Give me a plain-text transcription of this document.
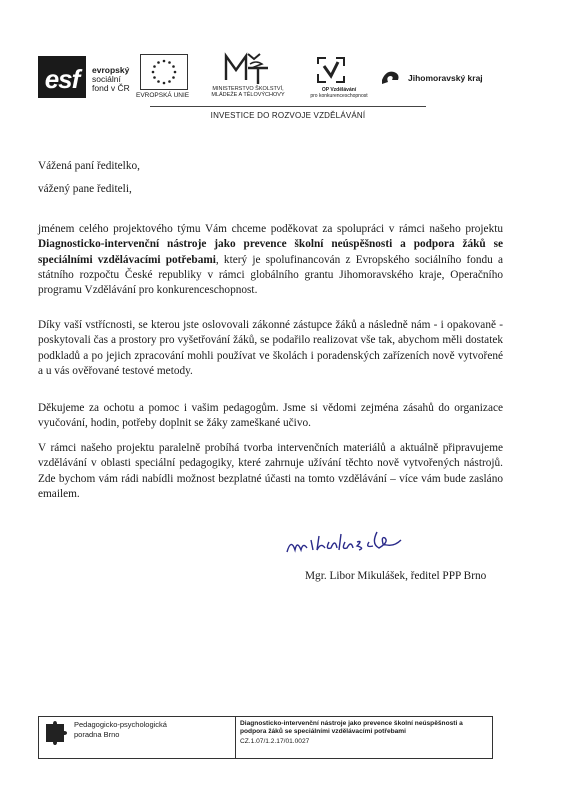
esf	evropský
sociální
fond v ČR
EVROPSKÁ UNIE
MINISTERSTVO ŠKOLSTVÍ,
MLÁDEŽE A TĚLOVÝCHOVY
OP Vzdělávání
pro konkurenceschopnost
Jihomoravský kraj
INVESTICE DO ROZVOJE VZDĚLÁVÁNÍ
Vážená paní ředitelko,
vážený pane řediteli,
jménem celého projektového týmu Vám chceme poděkovat za spolupráci v rámci našeho projektu Diagnosticko-intervenční nástroje jako prevence školní neúspěšnosti a podpora žáků se speciálními vzdělávacími potřebami, který je spolufinancován z Evropského sociálního fondu a státního rozpočtu České republiky v rámci globálního grantu Jihomoravského kraje, Operačního programu Vzdělávání pro konkurenceschopnost.
Díky vaší vstřícnosti, se kterou jste oslovovali zákonné zástupce žáků a následně nám - i opakovaně - poskytovali čas a prostory pro vyšetřování žáků, se podařilo realizovat vše tak, abychom měli dostatek podkladů a po jejich zpracování mohli používat ve školách i poradenských zařízeních nově vytvořené a u vás ověřované testové metody.
Děkujeme za ochotu a pomoc i vašim pedagogům. Jsme si vědomi zejména zásahů do organizace vyučování, hodin, potřeby doplnit se žáky zameškané učivo.
V rámci našeho projektu paralelně probíhá tvorba intervenčních materiálů a aktuálně připravujeme vzdělávání v oblasti speciální pedagogiky, které zahrnuje užívání těchto nově vytvořených nástrojů. Zde bychom vám rádi nabídli možnost bezplatné účasti na tomto vzdělávání – více vám bude zasláno emailem.
Mgr. Libor Mikulášek, ředitel PPP Brno
Pedagogicko-psychologická
poradna Brno
Diagnosticko-intervenční nástroje jako prevence školní neúspěšnosti a podpora žáků se speciálními vzdělávacími potřebami
CZ.1.07/1.2.17/01.0027
